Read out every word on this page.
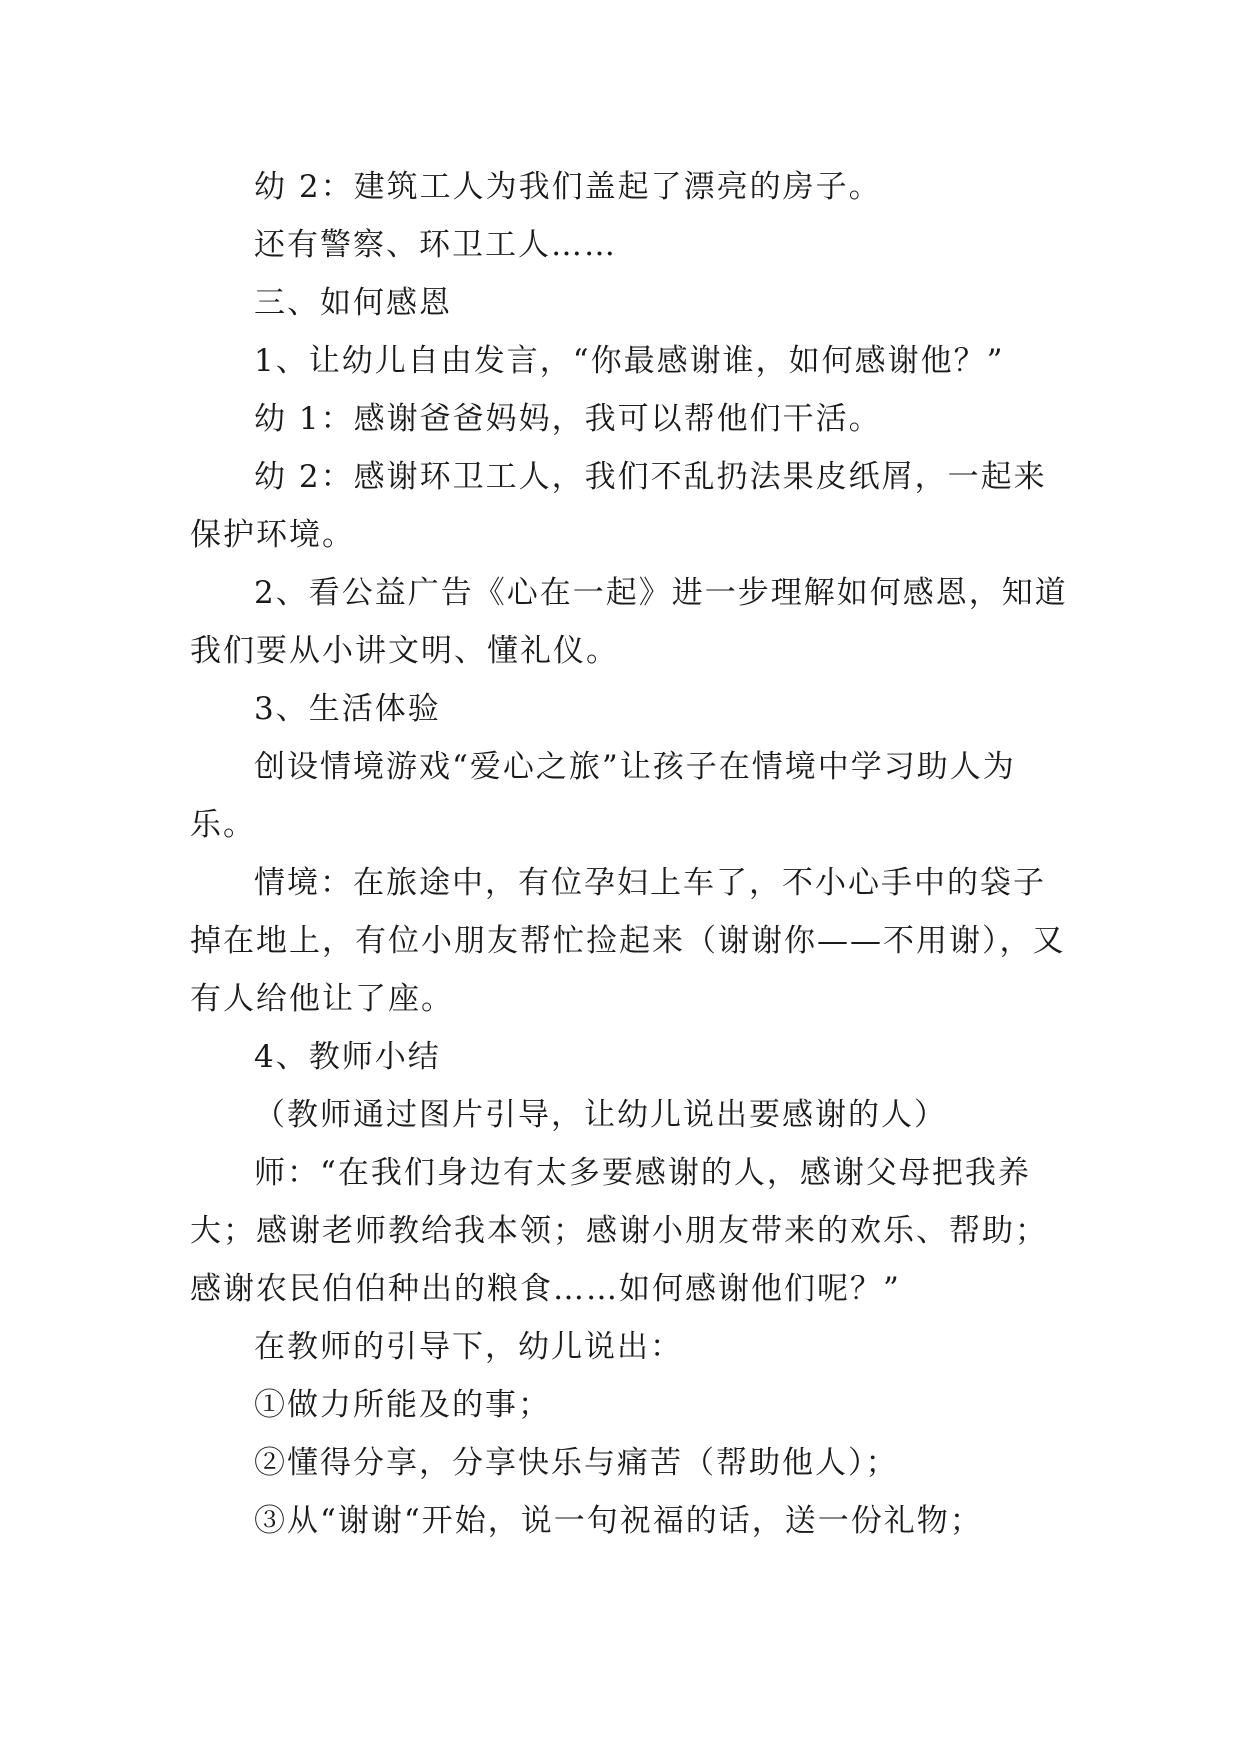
幼 2：建筑工人为我们盖起了漂亮的房子。

还有警察、环卫工人……

三、如何感恩

1、让幼儿自由发言，“你最感谢谁，如何感谢他？”

幼 1：感谢爸爸妈妈，我可以帮他们干活。

幼 2：感谢环卫工人，我们不乱扔法果皮纸屑，一起来保护环境。

2、看公益广告《心在一起》进一步理解如何感恩，知道我们要从小讲文明、懂礼仪。

3、生活体验

创设情境游戏“爱心之旅”让孩子在情境中学习助人为乐。

情境：在旅途中，有位孕妇上车了，不小心手中的袋子掉在地上，有位小朋友帮忙捡起来（谢谢你——不用谢），又有人给他让了座。

4、教师小结

（教师通过图片引导，让幼儿说出要感谢的人）

师：“在我们身边有太多要感谢的人，感谢父母把我养大；感谢老师教给我本领；感谢小朋友带来的欢乐、帮助；感谢农民伯伯种出的粮食……如何感谢他们呢？”

在教师的引导下，幼儿说出：

①做力所能及的事；

②懂得分享，分享快乐与痛苦（帮助他人）；

③从“谢谢“开始，说一句祝福的话，送一份礼物；
